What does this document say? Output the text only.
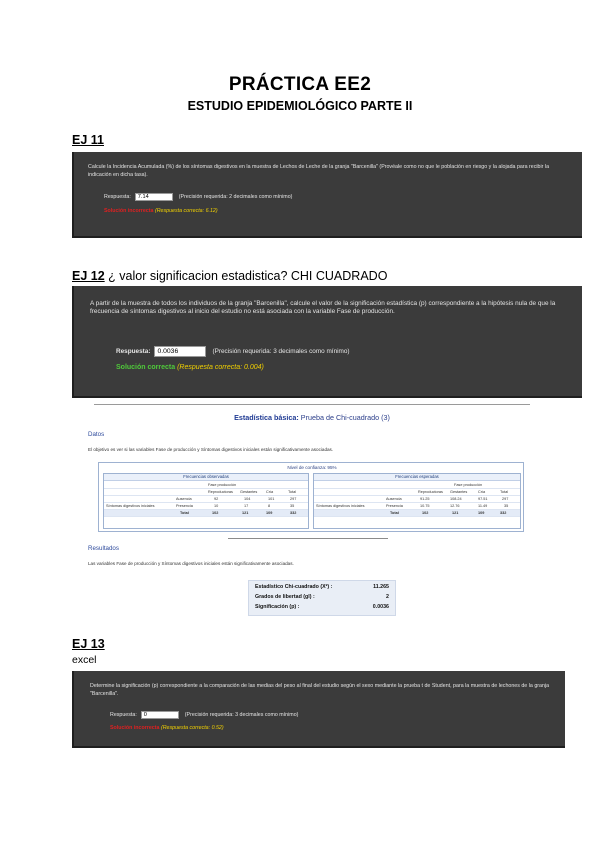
PRÁCTICA EE2
ESTUDIO EPIDEMIOLÓGICO PARTE II
EJ 11
Calcule la Incidencia Acumulada (%) de los síntomas digestivos en la muestra de Lechos de Leche de la granja "Barcenilla" (Provéale como no que le población en riesgo y la alojada para recibir la indicación en dicha tasa).
Respuesta:	7.14	(Precisión requerida: 2 decimales como mínimo)
Solución incorrecta (Respuesta correcta: 6.12)
EJ 12 ¿ valor significacion estadistica? CHI CUADRADO
A partir de la muestra de todos los individuos de la granja "Barcenilla", calcule el valor de la significación estadística (p) correspondiente a la hipótesis nula de que la frecuencia de síntomas digestivos al inicio del estudio no está asociada con la variable Fase de producción.
Respuesta:	0.0036	(Precisión requerida: 3 decimales como mínimo)
Solución correcta (Respuesta correcta: 0.004)
Estadística básica: Prueba de Chi-cuadrado (3)
Datos
El objetivo es ver si las variables Fase de producción y Síntomas digestivos iniciales están significativamente asociadas.
Nivel de confianza: 95%
Frecuencias observadas
Fase producción
Reproductoras Gestantes Cría	Total
Ausencia	92	104	101	297
Síntomas digestivos iniciales	Presencia	10	17	8	35
Total	102	121	109	332
Frecuencias esperadas
Fase producción
Reproductoras Gestantes	Cría	Total
Ausencia	91.25	108.24	97.51	297
Síntomas digestivos iniciales	Presencia	10.75	12.76	11.49	35
Total	102	121	109	332
Resultados
Las variables Fase de producción y Síntomas digestivos iniciales están significativamente asociadas.
Estadístico Chi-cuadrado (X²) :	11.265
Grados de libertad (gl) :	2
Significación (p) :	0.0036
EJ 13
excel
Determine la significación (p) correspondiente a la comparación de las medias del peso al final del estudio según el sexo mediante la prueba t de Student, para la muestra de lechones de la granja "Barcenilla".
Respuesta:	0	(Precisión requerida: 3 decimales como mínimo)
Solución incorrecta (Respuesta correcta: 0.52)
